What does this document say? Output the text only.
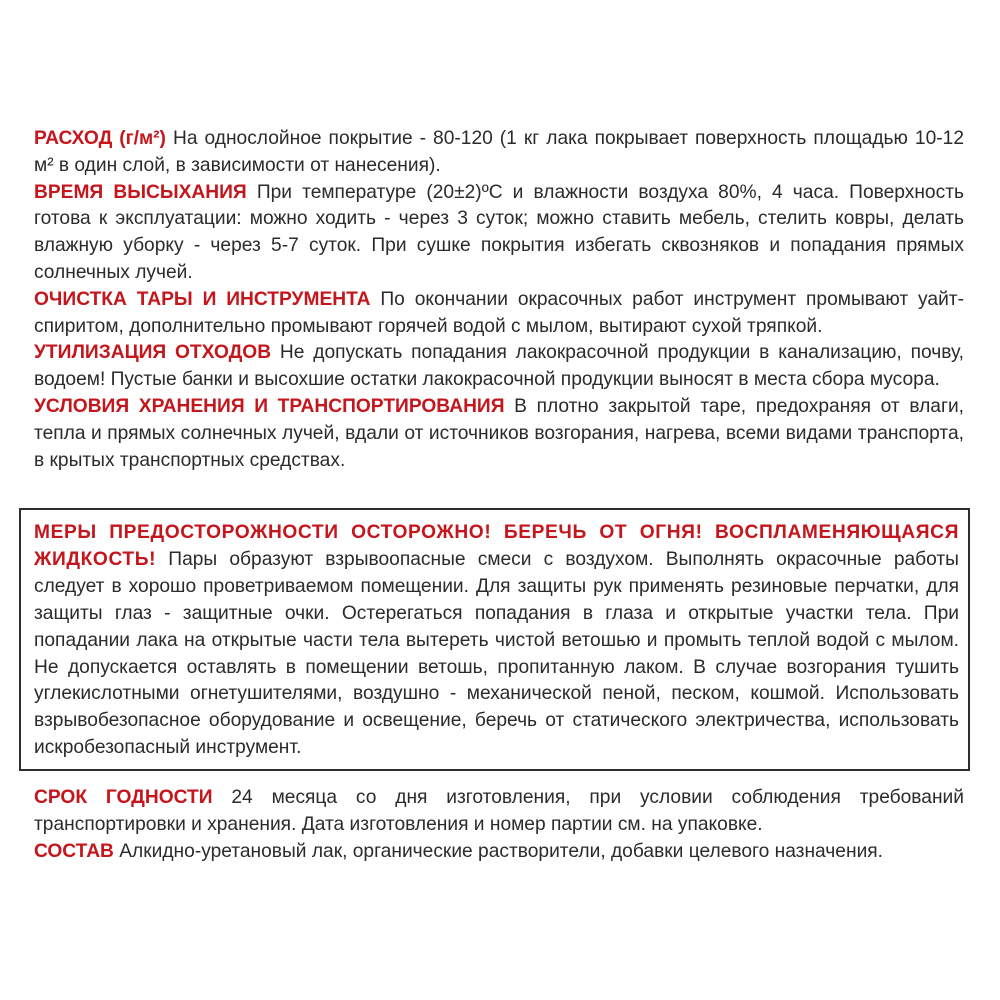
РАСХОД (г/м²) На однослойное покрытие - 80-120 (1 кг лака покрывает поверхность площадью 10-12 м² в один слой, в зависимости от нанесения).

ВРЕМЯ ВЫСЫХАНИЯ При температуре (20±2)ºС и влажности воздуха 80%, 4 часа. Поверхность готова к эксплуатации: можно ходить - через 3 суток; можно ставить мебель, стелить ковры, делать влажную уборку - через 5-7 суток. При сушке покрытия избегать сквозняков и попадания прямых солнечных лучей.

ОЧИСТКА ТАРЫ И ИНСТРУМЕНТА По окончании окрасочных работ инструмент промывают уайт-спиритом, дополнительно промывают горячей водой с мылом, вытирают сухой тряпкой.

УТИЛИЗАЦИЯ ОТХОДОВ Не допускать попадания лакокрасочной продукции в канализацию, почву, водоем! Пустые банки и высохшие остатки лакокрасочной продукции выносят в места сбора мусора.

УСЛОВИЯ ХРАНЕНИЯ И ТРАНСПОРТИРОВАНИЯ В плотно закрытой таре, предохраняя от влаги, тепла и прямых солнечных лучей, вдали от источников возгорания, нагрева, всеми видами транспорта, в крытых транспортных средствах.

МЕРЫ ПРЕДОСТОРОЖНОСТИ ОСТОРОЖНО! БЕРЕЧЬ ОТ ОГНЯ! ВОСПЛАМЕНЯЮЩАЯСЯ ЖИДКОСТЬ! Пары образуют взрывоопасные смеси с воздухом. Выполнять окрасочные работы следует в хорошо проветриваемом помещении. Для защиты рук применять резиновые перчатки, для защиты глаз - защитные очки. Остерегаться попадания в глаза и открытые участки тела. При попадании лака на открытые части тела вытереть чистой ветошью и промыть теплой водой с мылом. Не допускается оставлять в помещении ветошь, пропитанную лаком. В случае возгорания тушить углекислотными огнетушителями, воздушно - механической пеной, песком, кошмой. Использовать взрывобезопасное оборудование и освещение, беречь от статического электричества, использовать искробезопасный инструмент.

СРОК ГОДНОСТИ 24 месяца со дня изготовления, при условии соблюдения требований транспортировки и хранения. Дата изготовления и номер партии см. на упаковке.

СОСТАВ Алкидно-уретановый лак, органические растворители, добавки целевого назначения.
